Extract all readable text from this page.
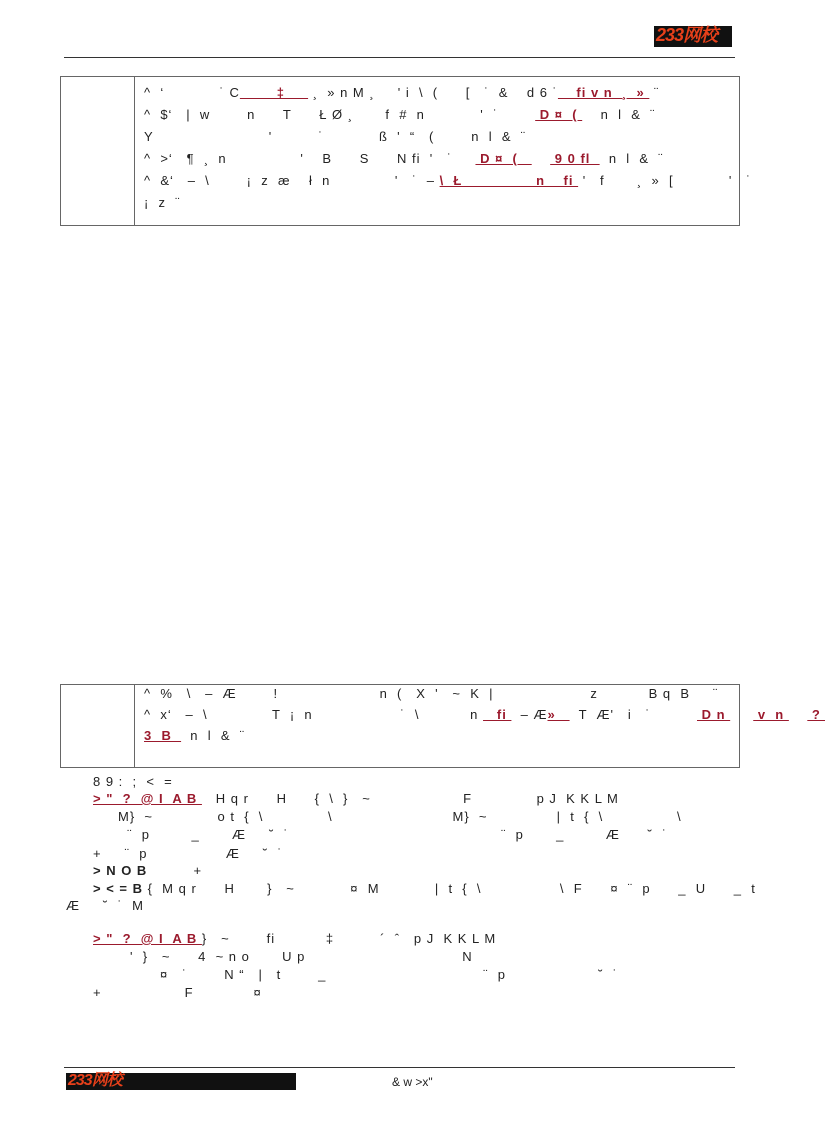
233网校
8 9 :  ;  <  =
> "  ?  @ I  A B    H q r      H      {  \  }   ~                    F              p J  K K L M
M}  ~              o t  {  \              \                          M}  ~               |  t  {  \                \
¨  p         _       Æ     ˘  ˙                                              ¨  p       _         Æ      ˘  ˙
+     ¨  p                 Æ     ˘  ˙
> N O B          +
> < = B {  M q r      H       }   ~            ¤  M            |  t  {  \                 \  F      ¤  ¨  p      _  U      _  t
Æ     ˘  ˙  M
> "  ?  @ I  A B }   ~        fi           ‡          ´  ˆ   p J  K K L M
'  }   ~      4  ~ n o       U p                                  N
¤   ˙        N “   |   t        _                                  ¨  p                    ˘  ˙
+                  F             ¤
233网校	& w >x"
^  ‘            ˙ C        ‡      ¸  » n M ¸     ' i  \  (      [   ˙  &    d 6 ˙    fi v n  ¸  »  ¨
^  $‘   |  w        n      T      Ł Ø ¸       f  #  n            '  ˙         D ¤  (     n  l  &  ¨
Y                         '          ˙            ß  '  “   (        n  l  &  ¨
^  >‘   ¶  ¸  n                '    B      S      N fi  '   ˙      D ¤  (        9 0 fl    n  l  &  ¨
^  &‘   –  \        ¡  z  æ    ł  n              '   ˙  – \  Ł                n    fi  '   f       ¸  »  [            '   ˙
¡  z  ¨
^  %   \   –  Æ        !                      n  (   X  '   ~  K  |                     z           B q  B     ¨
^  x‘   –  \              T  ¡  n                   ˙  \           n    fi   – Æ»     T  Æ'   i   ˙           D n       v  n      ?
3  B    n  l  &  ¨
